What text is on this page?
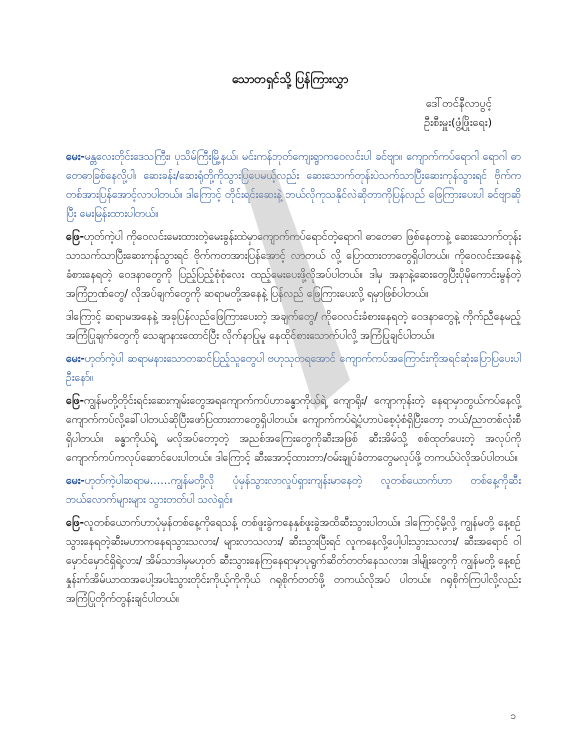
သောတရှင်သို့ ပြန်ကြားလွှာ
ဒေါ်တင်နီလာပွင့်
ဦးစီးမှူး(ဖွံ့ဖြိုးရေး)

မေး-မန္တလေးတိုင်းဒေသကြီး၊ ပုသိမ်ကြီးမြို့နယ်၊ မင်းကန်ဘုတ်ကျေးရွာကဝေလင်းပါ ခင်ဗျာ။ ကျောက်ကပ်ရောဂါ ရောဂါ ဓာတေဓာခြစ်နေလို့ပါ၊ ဆေးခန်း/ဆေးရုံတို့ကိုသွားပြပေမယ့်လည်း ဆေးသောက်တုန်းပဲသက်သာပြီးဆေးကုန်သွားရင် ဗိုက်ကတစ်အားပြန်အောင့်လာပါတယ်။ ဒါကြောင့် တိုင်းရင်းဆေးနဲ့ ဘယ်လိုကုသနိုင်လဲဆိုတာကိုပြန်လည် ဖြေကြားပေးပါ ခင်ဗျာဆိုပြီး မေးမြန်းထားပါတယ်။

ဖြေ-ဟုတ်ကဲ့ပါ ကိုဝေလင်းမေးထားတဲ့မေးခွန်းထဲမှာကျောက်ကပ်ရောင်တဲ့ရောဂါ ဓာတေဓာ ဖြစ်နေတာနဲ့ ဆေးသောက်တုန်းသာသက်သာပြီးဆေးကုန်သွားရင် ဗိုက်ကတအားပြန်အောင့် လာတယ် လို့ ပြောထားတာတွေရှိပါတယ်။ ကိုဝေလင်းအနေနဲ့ ခံစားနေရတဲ့ ဝေဒနာတွေကို ပြည့်ပြည့်စုံစုံလေး ထည့်မေးပေးဖို့လိုအပ်ပါတယ်။ ဒါမှ အနာနဲ့ဆေးတွေပြီးပိုမိုကောင်းမွန်တဲ့ အကြံဉာဏ်တွေ/ လိုအပ်ချက်တွေကို ဆရာမတို့အနေနဲ့ ပြန်လည် ဖြေကြားပေးလို့ ရမှာဖြစ်ပါတယ်။

ဒါကြောင့် ဆရာမအနေနဲ့ အခုပြန်လည်ဖြေကြားပေးတဲ့ အချက်တွေ/ ကိုဝေလင်းခံစားနေရတဲ့ ဝေဒနာတွေနဲ့ ကိုက်ညီနေမည့် အကြံပြုချက်တွေကို သေချာနားထောင်ပြီး လိုက်နာပြုမူ နေထိုင်စားသောက်ပါလို့ အကြံပြုချင်ပါတယ်။

မေး-ဟုတ်ကဲ့ပါ ဆရာမနားသောတဆင်ပြည့်သူတွေပါ ဗဟုသုတရအောင် ကျောက်ကပ်အကြောင်းကိုအရင်ဆုံးပြောပြပေးပါဦးနော်။

ဖြေ-ကျွန်မတို့တိုင်းရင်းဆေးကျမ်းတွေအရကျောက်ကပ်ဟာခန္ဓာကိုယ်ရဲ့ ကျောရိုး/ ကျောကုန်းတဲ့ နေရာမှာတွယ်ကပ်နေလို့ ကျောက်ကပ်လို့ခေါ်ပါတယ်ဆိုပြီးဖော်ပြထားတာတွေရှိပါတယ်။ ကျောက်ကပ်ရဲ့ပုံဟာပဲစေ့ပုံစံရှိပြီးတော့ ဘယ်/ညာတစ်လုံးစီရှိပါတယ်။ ခန္ဓာကိုယ်ရဲ့ မလိုအပ်တော့တဲ့ အညစ်အကြေးတွေကိုဆီးအဖြစ် ဆီးအိမ်သို့ စစ်ထုတ်ပေးတဲ့ အလုပ်ကို ကျောက်ကပ်ကလုပ်ဆောင်ပေးပါတယ်။ ဒါကြောင့် ဆီးအောင့်ထားတာ/ဝမ်းချုပ်ခံတာတွေမလုပ်ဖို့ တကယ်ပဲလိုအပ်ပါတယ်။

မေး-ဟုတ်ကဲ့ပါဆရာမ……ကျွန်မတို့လို ပုံမှန်သွားလာလှုပ်ရှားကျန်းမာနေတဲ့ လူတစ်ယောက်ဟာ တစ်နေ့ကိုဆီးဘယ်လောက်များများ သွားတတ်ပါ သလဲရှင်။

ဖြေ-လူတစ်ယောက်ဟာပုံမှန်တစ်နေ့ကိုရေသန့် တစ်ဖူးခွဲကနေနှစ်ဖူးခွဲအထိဆီးသွားပါတယ်။ ဒါကြောင့်မို့လို့ ကျွန်မတို့ နေ့စဉ်သွားနေရတဲ့ဆီးမဟာကနေရသွားသလား/ များလာသလား/ ဆီးသွားပြီးရင် လူကနေလို့ပေါ့ပါးသွားသလား/ ဆီးအရောင် ဝါမှောင်မှောင်ရှိရဲ့လား/ အိမ်သာဒါမှမဟုတ် ဆီးသွားနေကြနေရာမှာပုရွက်ဆိတ်တတ်နေသလား။ ဒါမျိုးတွေကို ကျွန်မတို့ နေ့စဉ်နှုန်းက်အိမ်ယာထအပေါ့အပါးသွားတိုင်းကိုယ့်ကိုကိုယ် ဂရုစိုက်တတ်ဖို့ တကယ်လိုအပ် ပါတယ်။ ဂရုစိုက်ကြပါလို့လည်းအကြံပြုတိုက်တွန်းချင်ပါတယ်။

၁
